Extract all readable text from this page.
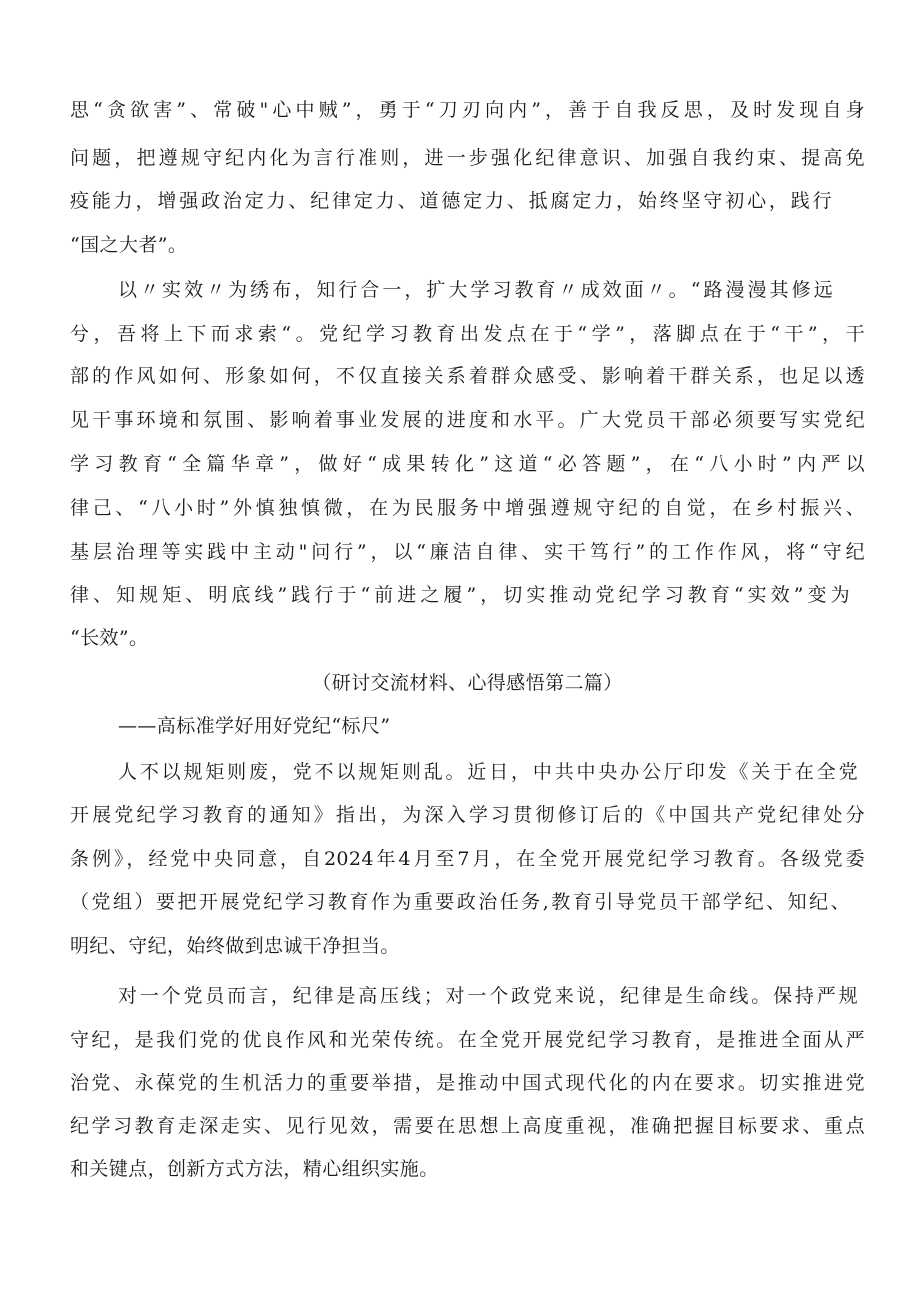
思“贪欲害”、常破"心中贼”，勇于“刀刃向内”，善于自我反思，及时发现自身

问题，把遵规守纪内化为言行准则，进一步强化纪律意识、加强自我约束、提高免

疫能力，增强政治定力、纪律定力、道德定力、抵腐定力，始终坚守初心，践行

“国之大者”。

以〃实效〃为绣布，知行合一，扩大学习教育〃成效面〃。“路漫漫其修远

兮，吾将上下而求索“。党纪学习教育出发点在于“学”，落脚点在于“干”，干

部的作风如何、形象如何，不仅直接关系着群众感受、影响着干群关系，也足以透

见干事环境和氛围、影响着事业发展的进度和水平。广大党员干部必须要写实党纪

学习教育“全篇华章”，做好“成果转化”这道“必答题”，在“八小时”内严以

律己、“八小时”外慎独慎微，在为民服务中增强遵规守纪的自觉，在乡村振兴、

基层治理等实践中主动"问行”，以“廉洁自律、实干笃行”的工作作风，将“守纪

律、知规矩、明底线”践行于“前进之履”，切实推动党纪学习教育“实效”变为

“长效”。

（研讨交流材料、心得感悟第二篇）

——高标准学好用好党纪“标尺”

人不以规矩则废，党不以规矩则乱。近日，中共中央办公厅印发《关于在全党

开展党纪学习教育的通知》指出，为深入学习贯彻修订后的《中国共产党纪律处分

条例》，经党中央同意，自2024年4月至7月，在全党开展党纪学习教育。各级党委

（党组）要把开展党纪学习教育作为重要政治任务,教育引导党员干部学纪、知纪、

明纪、守纪，始终做到忠诚干净担当。

对一个党员而言，纪律是高压线；对一个政党来说，纪律是生命线。保持严规

守纪，是我们党的优良作风和光荣传统。在全党开展党纪学习教育，是推进全面从严

治党、永葆党的生机活力的重要举措，是推动中国式现代化的内在要求。切实推进党

纪学习教育走深走实、见行见效，需要在思想上高度重视，准确把握目标要求、重点

和关键点，创新方式方法，精心组织实施。
